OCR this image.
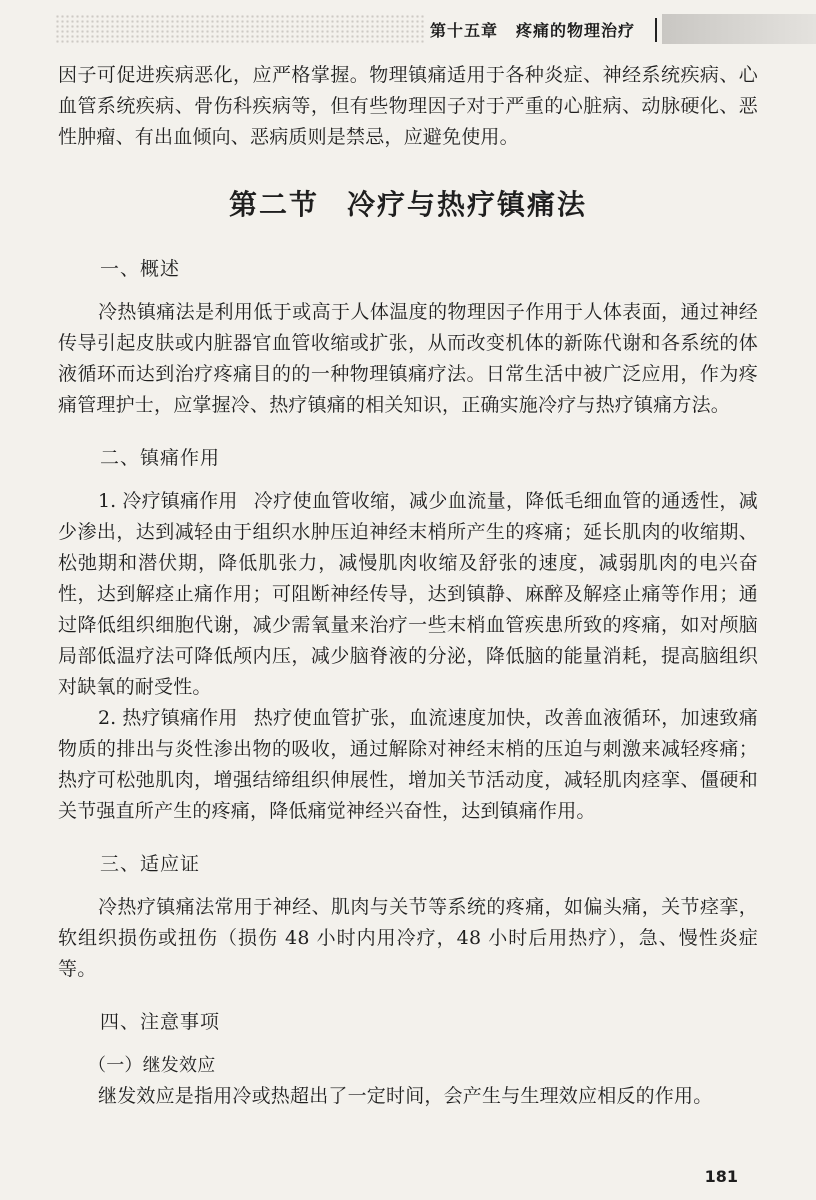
第十五章 疼痛的物理治疗

因子可促进疾病恶化，应严格掌握。物理镇痛适用于各种炎症、神经系统疾病、心血管系统疾病、骨伤科疾病等，但有些物理因子对于严重的心脏病、动脉硬化、恶性肿瘤、有出血倾向、恶病质则是禁忌，应避免使用。

第二节 冷疗与热疗镇痛法
一、概述

冷热镇痛法是利用低于或高于人体温度的物理因子作用于人体表面，通过神经传导引起皮肤或内脏器官血管收缩或扩张，从而改变机体的新陈代谢和各系统的体液循环而达到治疗疼痛目的的一种物理镇痛疗法。日常生活中被广泛应用，作为疼痛管理护士，应掌握冷、热疗镇痛的相关知识，正确实施冷疗与热疗镇痛方法。

二、镇痛作用

1. 冷疗镇痛作用 冷疗使血管收缩，减少血流量，降低毛细血管的通透性，减少渗出，达到减轻由于组织水肿压迫神经末梢所产生的疼痛；延长肌肉的收缩期、松弛期和潜伏期，降低肌张力，减慢肌肉收缩及舒张的速度，减弱肌肉的电兴奋性，达到解痉止痛作用；可阻断神经传导，达到镇静、麻醉及解痉止痛等作用；通过降低组织细胞代谢，减少需氧量来治疗一些末梢血管疾患所致的疼痛，如对颅脑局部低温疗法可降低颅内压，减少脑脊液的分泌，降低脑的能量消耗，提高脑组织对缺氧的耐受性。

2. 热疗镇痛作用 热疗使血管扩张，血流速度加快，改善血液循环，加速致痛物质的排出与炎性渗出物的吸收，通过解除对神经末梢的压迫与刺激来减轻疼痛；热疗可松弛肌肉，增强结缔组织伸展性，增加关节活动度，减轻肌肉痉挛、僵硬和关节强直所产生的疼痛，降低痛觉神经兴奋性，达到镇痛作用。

三、适应证

冷热疗镇痛法常用于神经、肌肉与关节等系统的疼痛，如偏头痛，关节痉挛，软组织损伤或扭伤（损伤 48 小时内用冷疗，48 小时后用热疗），急、慢性炎症等。

四、注意事项
（一）继发效应

继发效应是指用冷或热超出了一定时间，会产生与生理效应相反的作用。

181
